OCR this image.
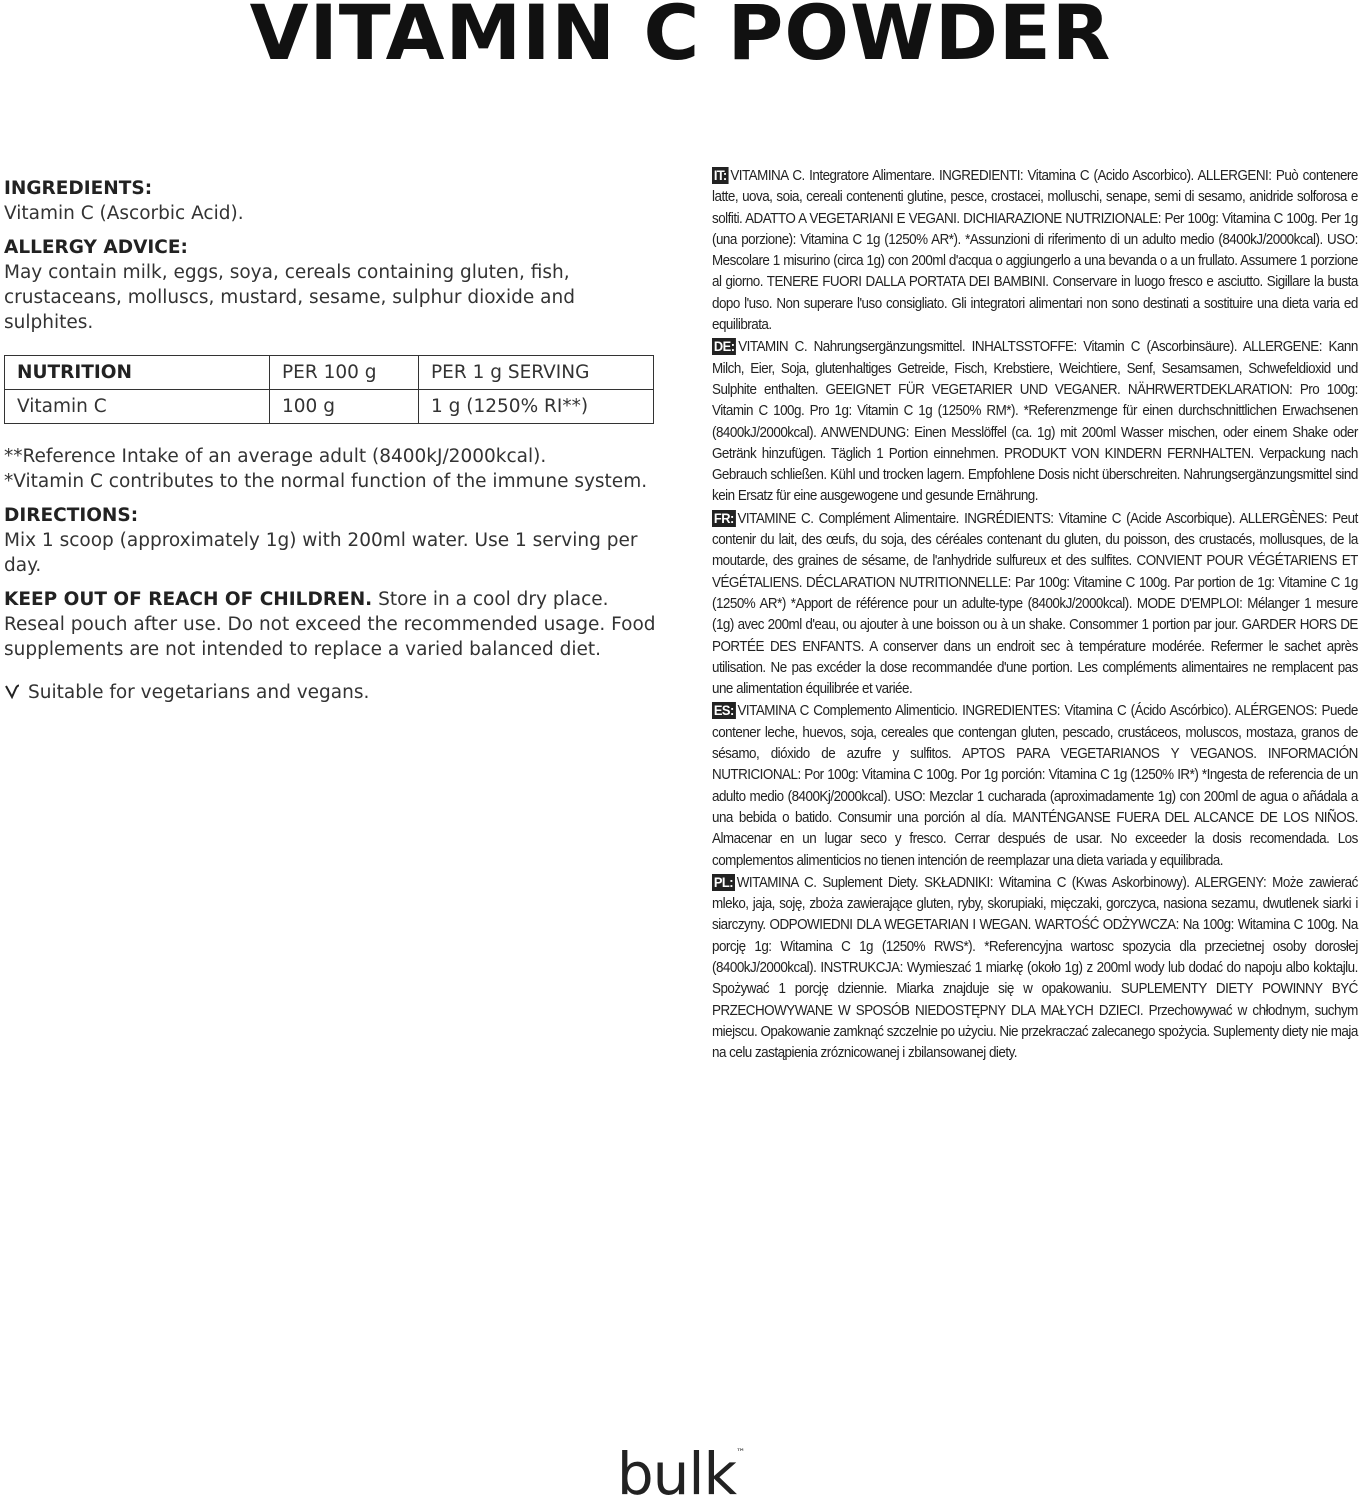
VITAMIN C POWDER

INGREDIENTS:

Vitamin C (Ascorbic Acid).

ALLERGY ADVICE:

May contain milk, eggs, soya, cereals containing gluten, fish, crustaceans, molluscs, mustard, sesame, sulphur dioxide and sulphites.

NUTRITION	PER 100 g	PER 1 g SERVING
Vitamin C	100 g	1 g (1250% RI**)

**Reference Intake of an average adult (8400kJ/2000kcal).

*Vitamin C contributes to the normal function of the immune system.

DIRECTIONS:

Mix 1 scoop (approximately 1g) with 200ml water. Use 1 serving per day.

KEEP OUT OF REACH OF CHILDREN. Store in a cool dry place. Reseal pouch after use. Do not exceed the recommended usage. Food supplements are not intended to replace a varied balanced diet.

Suitable for vegetarians and vegans.

IT: VITAMINA C. Integratore Alimentare. INGREDIENTI: Vitamina C (Acido Ascorbico). ALLERGENI: Può contenere latte, uova, soia, cereali contenenti glutine, pesce, crostacei, molluschi, senape, semi di sesamo, anidride solforosa e solfiti. ADATTO A VEGETARIANI E VEGANI. DICHIARAZIONE NUTRIZIONALE: Per 100g: Vitamina C 100g. Per 1g (una porzione): Vitamina C 1g (1250% AR*). *Assunzioni di riferimento di un adulto medio (8400kJ/2000kcal). USO: Mescolare 1 misurino (circa 1g) con 200ml d'acqua o aggiungerlo a una bevanda o a un frullato. Assumere 1 porzione al giorno. TENERE FUORI DALLA PORTATA DEI BAMBINI. Conservare in luogo fresco e asciutto. Sigillare la busta dopo l'uso. Non superare l'uso consigliato. Gli integratori alimentari non sono destinati a sostituire una dieta varia ed equilibrata.

DE: VITAMIN C. Nahrungsergänzungsmittel. INHALTSSTOFFE: Vitamin C (Ascorbinsäure). ALLERGENE: Kann Milch, Eier, Soja, glutenhaltiges Getreide, Fisch, Krebstiere, Weichtiere, Senf, Sesamsamen, Schwefeldioxid und Sulphite enthalten. GEEIGNET FÜR VEGETARIER UND VEGANER. NÄHRWERTDEKLARATION: Pro 100g: Vitamin C 100g. Pro 1g: Vitamin C 1g (1250% RM*). *Referenzmenge für einen durchschnittlichen Erwachsenen (8400kJ/2000kcal). ANWENDUNG: Einen Messlöffel (ca. 1g) mit 200ml Wasser mischen, oder einem Shake oder Getränk hinzufügen. Täglich 1 Portion einnehmen. PRODUKT VON KINDERN FERNHALTEN. Verpackung nach Gebrauch schließen. Kühl und trocken lagern. Empfohlene Dosis nicht überschreiten. Nahrungsergänzungsmittel sind kein Ersatz für eine ausgewogene und gesunde Ernährung.

FR: VITAMINE C. Complément Alimentaire. INGRÉDIENTS: Vitamine C (Acide Ascorbique). ALLERGÈNES: Peut contenir du lait, des œufs, du soja, des céréales contenant du gluten, du poisson, des crustacés, mollusques, de la moutarde, des graines de sésame, de l'anhydride sulfureux et des sulfites. CONVIENT POUR VÉGÉTARIENS ET VÉGÉTALIENS. DÉCLARATION NUTRITIONNELLE: Par 100g: Vitamine C 100g. Par portion de 1g: Vitamine C 1g (1250% AR*) *Apport de référence pour un adulte-type (8400kJ/2000kcal). MODE D'EMPLOI: Mélanger 1 mesure (1g) avec 200ml d'eau, ou ajouter à une boisson ou à un shake. Consommer 1 portion par jour. GARDER HORS DE PORTÉE DES ENFANTS. A conserver dans un endroit sec à température modérée. Refermer le sachet après utilisation. Ne pas excéder la dose recommandée d'une portion. Les compléments alimentaires ne remplacent pas une alimentation équilibrée et variée.

ES: VITAMINA C Complemento Alimenticio. INGREDIENTES: Vitamina C (Ácido Ascórbico). ALÉRGENOS: Puede contener leche, huevos, soja, cereales que contengan gluten, pescado, crustáceos, moluscos, mostaza, granos de sésamo, dióxido de azufre y sulfitos. APTOS PARA VEGETARIANOS Y VEGANOS. INFORMACIÓN NUTRICIONAL: Por 100g: Vitamina C 100g. Por 1g porción: Vitamina C 1g (1250% IR*) *Ingesta de referencia de un adulto medio (8400Kj/2000kcal). USO: Mezclar 1 cucharada (aproximadamente 1g) con 200ml de agua o añádala a una bebida o batido. Consumir una porción al día. MANTÉNGANSE FUERA DEL ALCANCE DE LOS NIÑOS. Almacenar en un lugar seco y fresco. Cerrar después de usar. No exceeder la dosis recomendada. Los complementos alimenticios no tienen intención de reemplazar una dieta variada y equilibrada.

PL: WITAMINA C. Suplement Diety. SKŁADNIKI: Witamina C (Kwas Askorbinowy). ALERGENY: Może zawierać mleko, jaja, soję, zboża zawierające gluten, ryby, skorupiaki, mięczaki, gorczyca, nasiona sezamu, dwutlenek siarki i siarczyny. ODPOWIEDNI DLA WEGETARIAN I WEGAN. WARTOŚĆ ODŻYWCZA: Na 100g: Witamina C 100g. Na porcję 1g: Witamina C 1g (1250% RWS*). *Referencyjna wartosc spozycia dla przecietnej osoby dorosłej (8400kJ/2000kcal). INSTRUKCJA: Wymieszać 1 miarkę (około 1g) z 200ml wody lub dodać do napoju albo koktajlu. Spożywać 1 porcję dziennie. Miarka znajduje się w opakowaniu. SUPLEMENTY DIETY POWINNY BYĆ PRZECHOWYWANE W SPOSÓB NIEDOSTĘPNY DLA MAŁYCH DZIECI. Przechowywać w chłodnym, suchym miejscu. Opakowanie zamknąć szczelnie po użyciu. Nie przekraczać zalecanego spożycia. Suplementy diety nie maja na celu zastąpienia zróznicowanej i zbilansowanej diety.

bulk™
